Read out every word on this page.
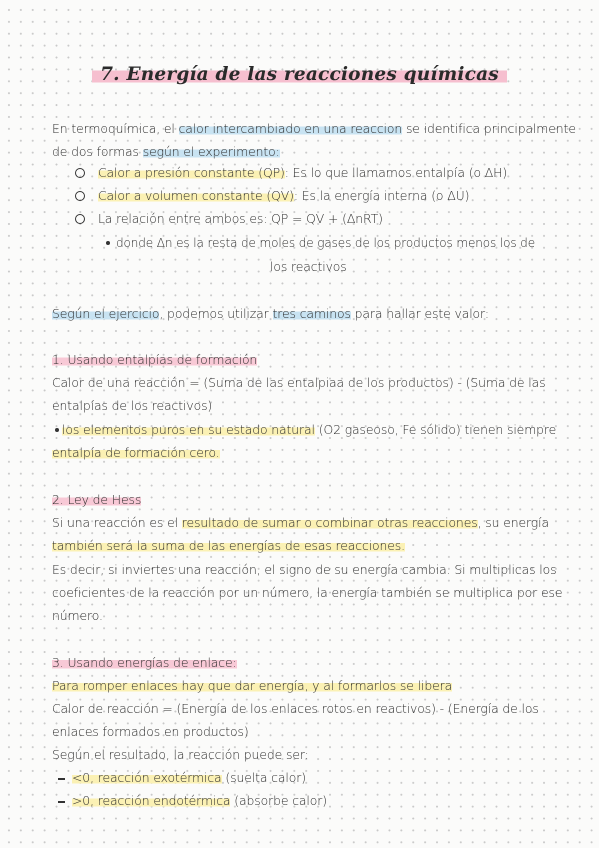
7. Energía de las reacciones químicas

En termoquímica, el calor intercambiado en una reaccion se identifica principalmente

de dos formas según el experimento:

Calor a presión constante (QP): Es lo que llamamos entalpía (o ΔH)

Calor a volumen constante (QV): Es la energía interna (o ΔU)

La relación entre ambos es: QP = QV + (ΔnRT)

donde Δn es la resta de moles de gases de los productos menos los de

los reactivos

Según el ejercicio, podemos utilizar tres caminos para hallar este valor:

1. Usando entalpías de formación

Calor de una reacción = (Suma de las entalpiaa de los productos) - (Suma de las

entalpías de los reactivos)

los elementos puros en su estado natural (O2 gaseoso, Fe sólido) tienen siempre

entalpía de formación cero.

2. Ley de Hess

Si una reacción es el resultado de sumar o combinar otras reacciones, su energía

también será la suma de las energías de esas reacciones.

Es decir, si inviertes una reacción, el signo de su energía cambia. Si multiplicas los

coeficientes de la reacción por un número, la energía también se multiplica por ese

número.

3. Usando energías de enlace:

Para romper enlaces hay que dar energía, y al formarlos se libera

Calor de reacción = (Energía de los enlaces rotos en reactivos) - (Energía de los

enlaces formados en productos)

Según el resultado, la reacción puede ser:

<0, reacción exotérmica (suelta calor)

>0, reacción endotérmica (absorbe calor)
